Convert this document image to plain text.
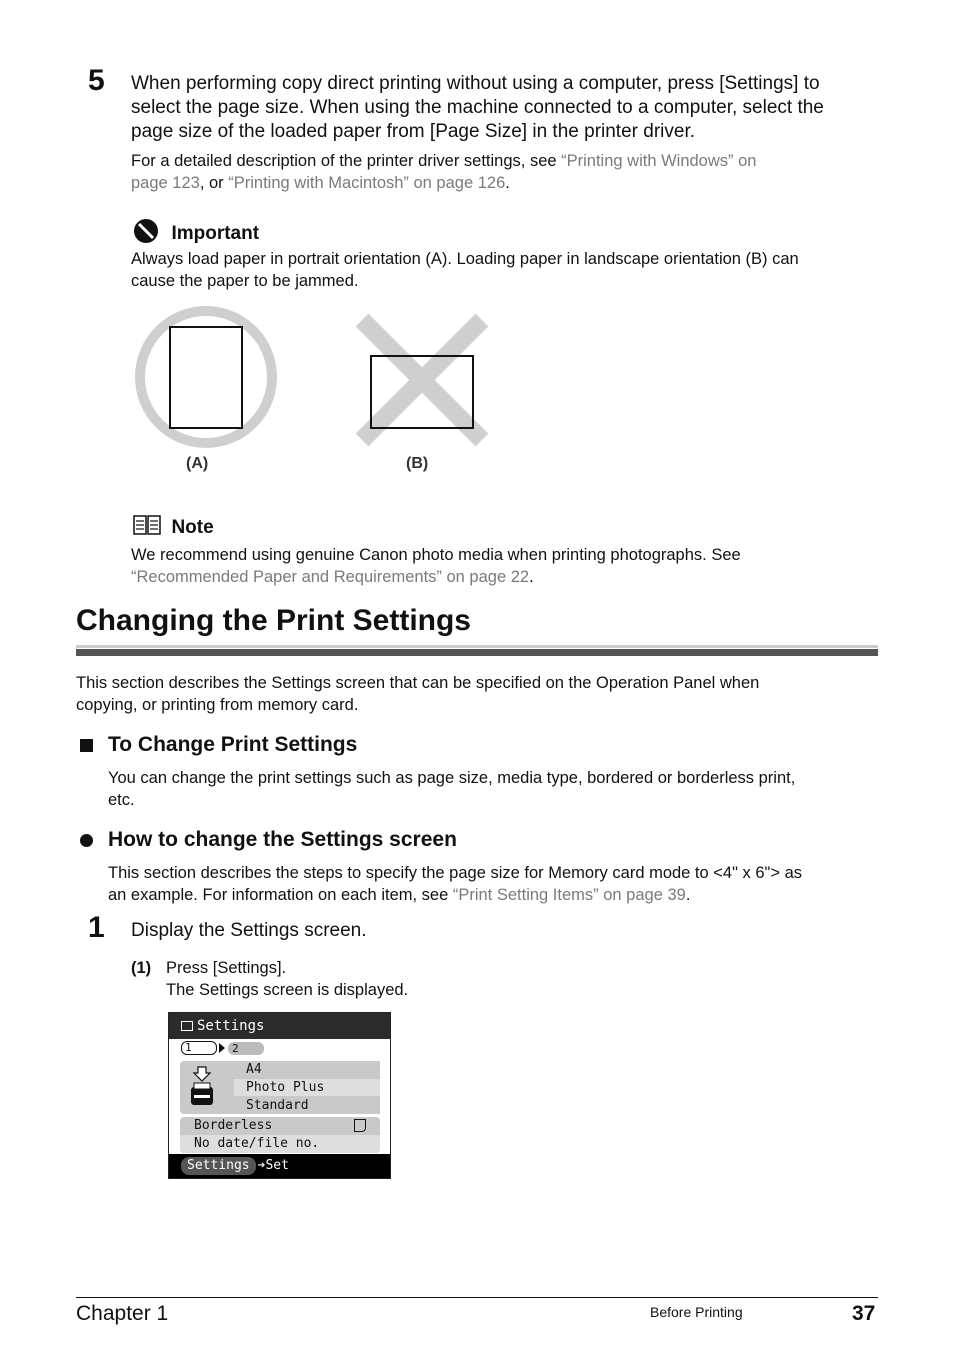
5 When performing copy direct printing without using a computer, press [Settings] to
select the page size. When using the machine connected to a computer, select the
page size of the loaded paper from [Page Size] in the printer driver.
For a detailed description of the printer driver settings, see “Printing with Windows” on
page 123, or “Printing with Macintosh” on page 126.
Important
Always load paper in portrait orientation (A). Loading paper in landscape orientation (B) can
cause the paper to be jammed.
(A)	(B)
Note
We recommend using genuine Canon photo media when printing photographs. See
“Recommended Paper and Requirements” on page 22.
Changing the Print Settings
This section describes the Settings screen that can be specified on the Operation Panel when
copying, or printing from memory card.
To Change Print Settings
You can change the print settings such as page size, media type, bordered or borderless print,
etc.
How to change the Settings screen
This section describes the steps to specify the page size for Memory card mode to <4" x 6"> as
an example. For information on each item, see “Print Setting Items” on page 39.
1 Display the Settings screen.
(1) Press [Settings].
The Settings screen is displayed.
Settings
1	2
A4
Photo Plus
Standard
Borderless
No date/file no.
Settings ➔Set
Chapter 1	Before Printing	37
